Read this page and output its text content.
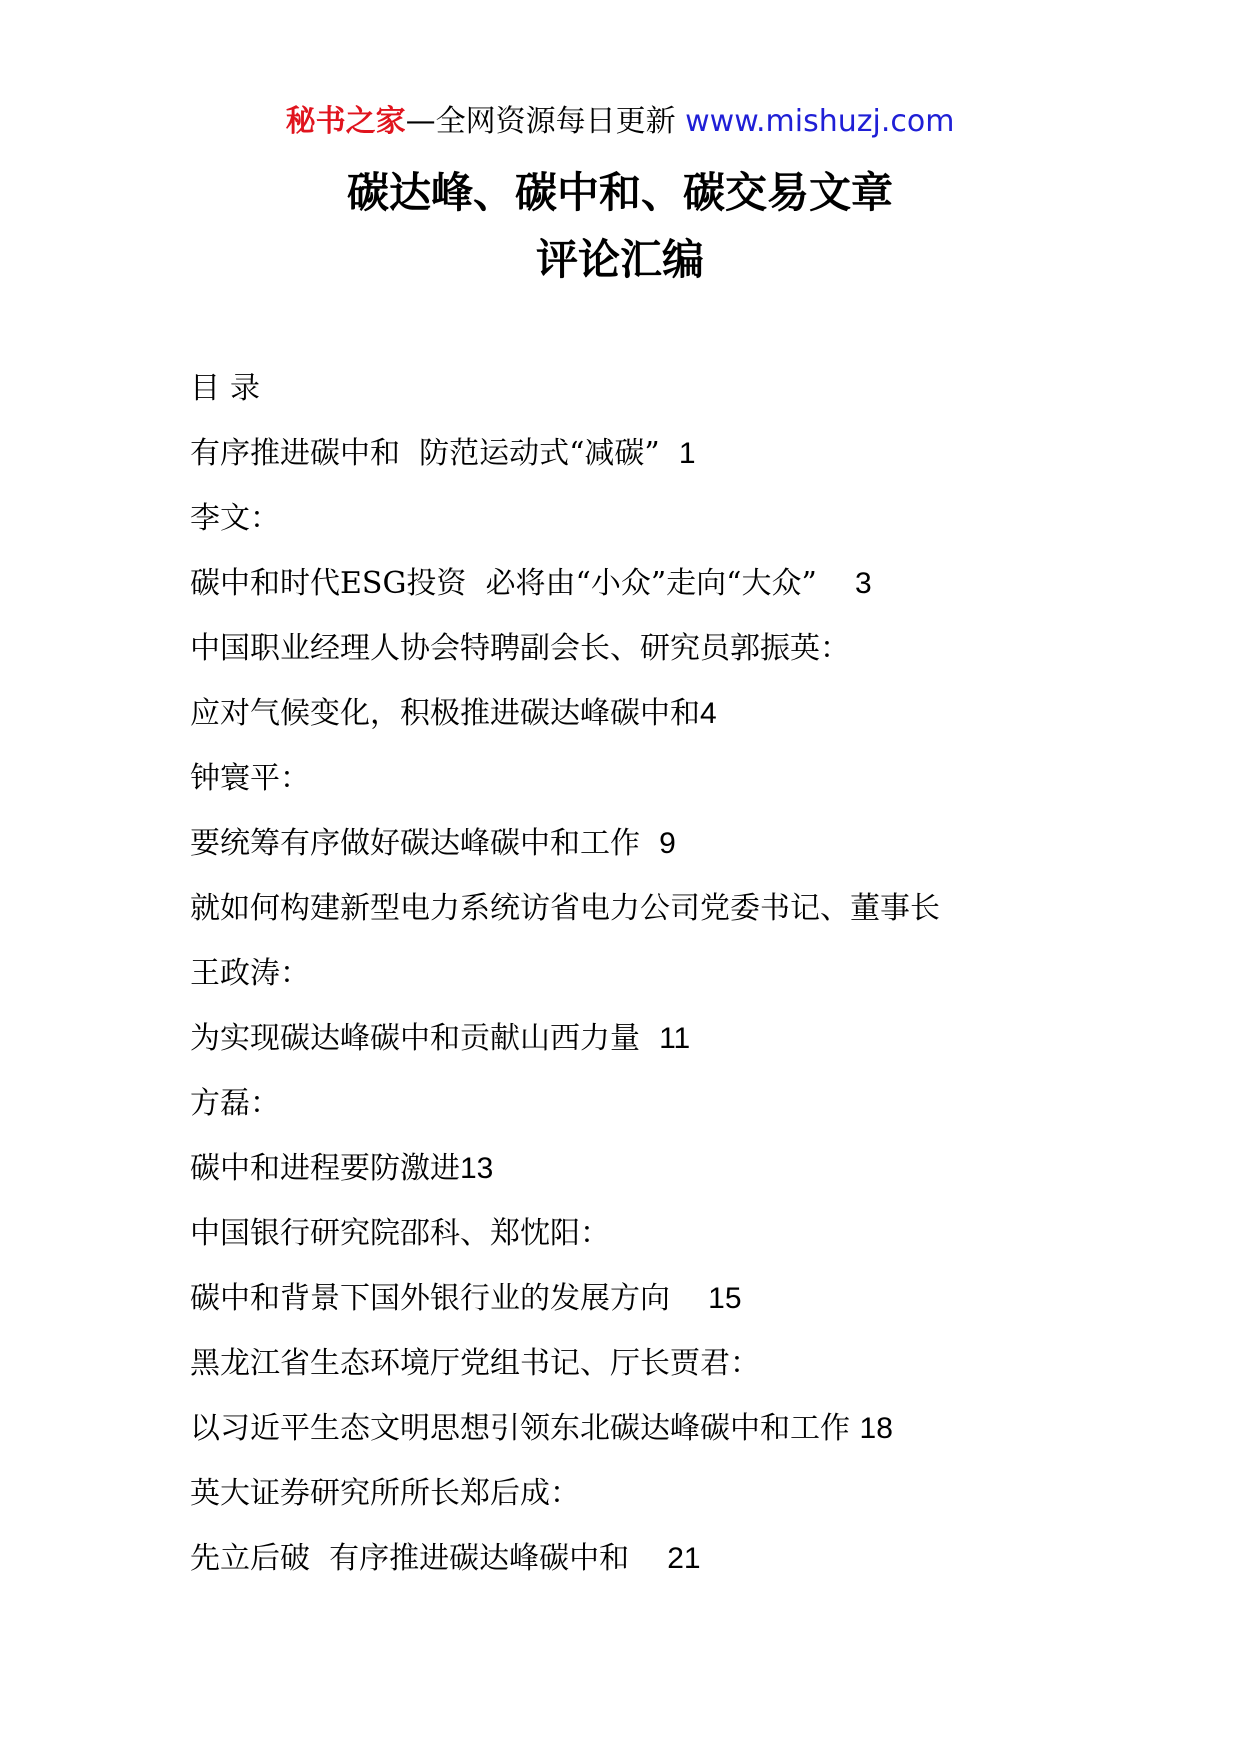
秘书之家—全网资源每日更新 www.mishuzj.com
碳达峰、碳中和、碳交易文章
评论汇编
目 录
有序推进碳中和  防范运动式“减碳”  1
李文：
碳中和时代ESG投资  必将由“小众”走向“大众”    3
中国职业经理人协会特聘副会长、研究员郭振英：
应对气候变化，积极推进碳达峰碳中和4
钟寰平：
要统筹有序做好碳达峰碳中和工作  9
就如何构建新型电力系统访省电力公司党委书记、董事长
王政涛：
为实现碳达峰碳中和贡献山西力量  11
方磊：
碳中和进程要防激进13
中国银行研究院邵科、郑忱阳：
碳中和背景下国外银行业的发展方向    15
黑龙江省生态环境厅党组书记、厅长贾君：
以习近平生态文明思想引领东北碳达峰碳中和工作 18
英大证券研究所所长郑后成：
先立后破  有序推进碳达峰碳中和    21
